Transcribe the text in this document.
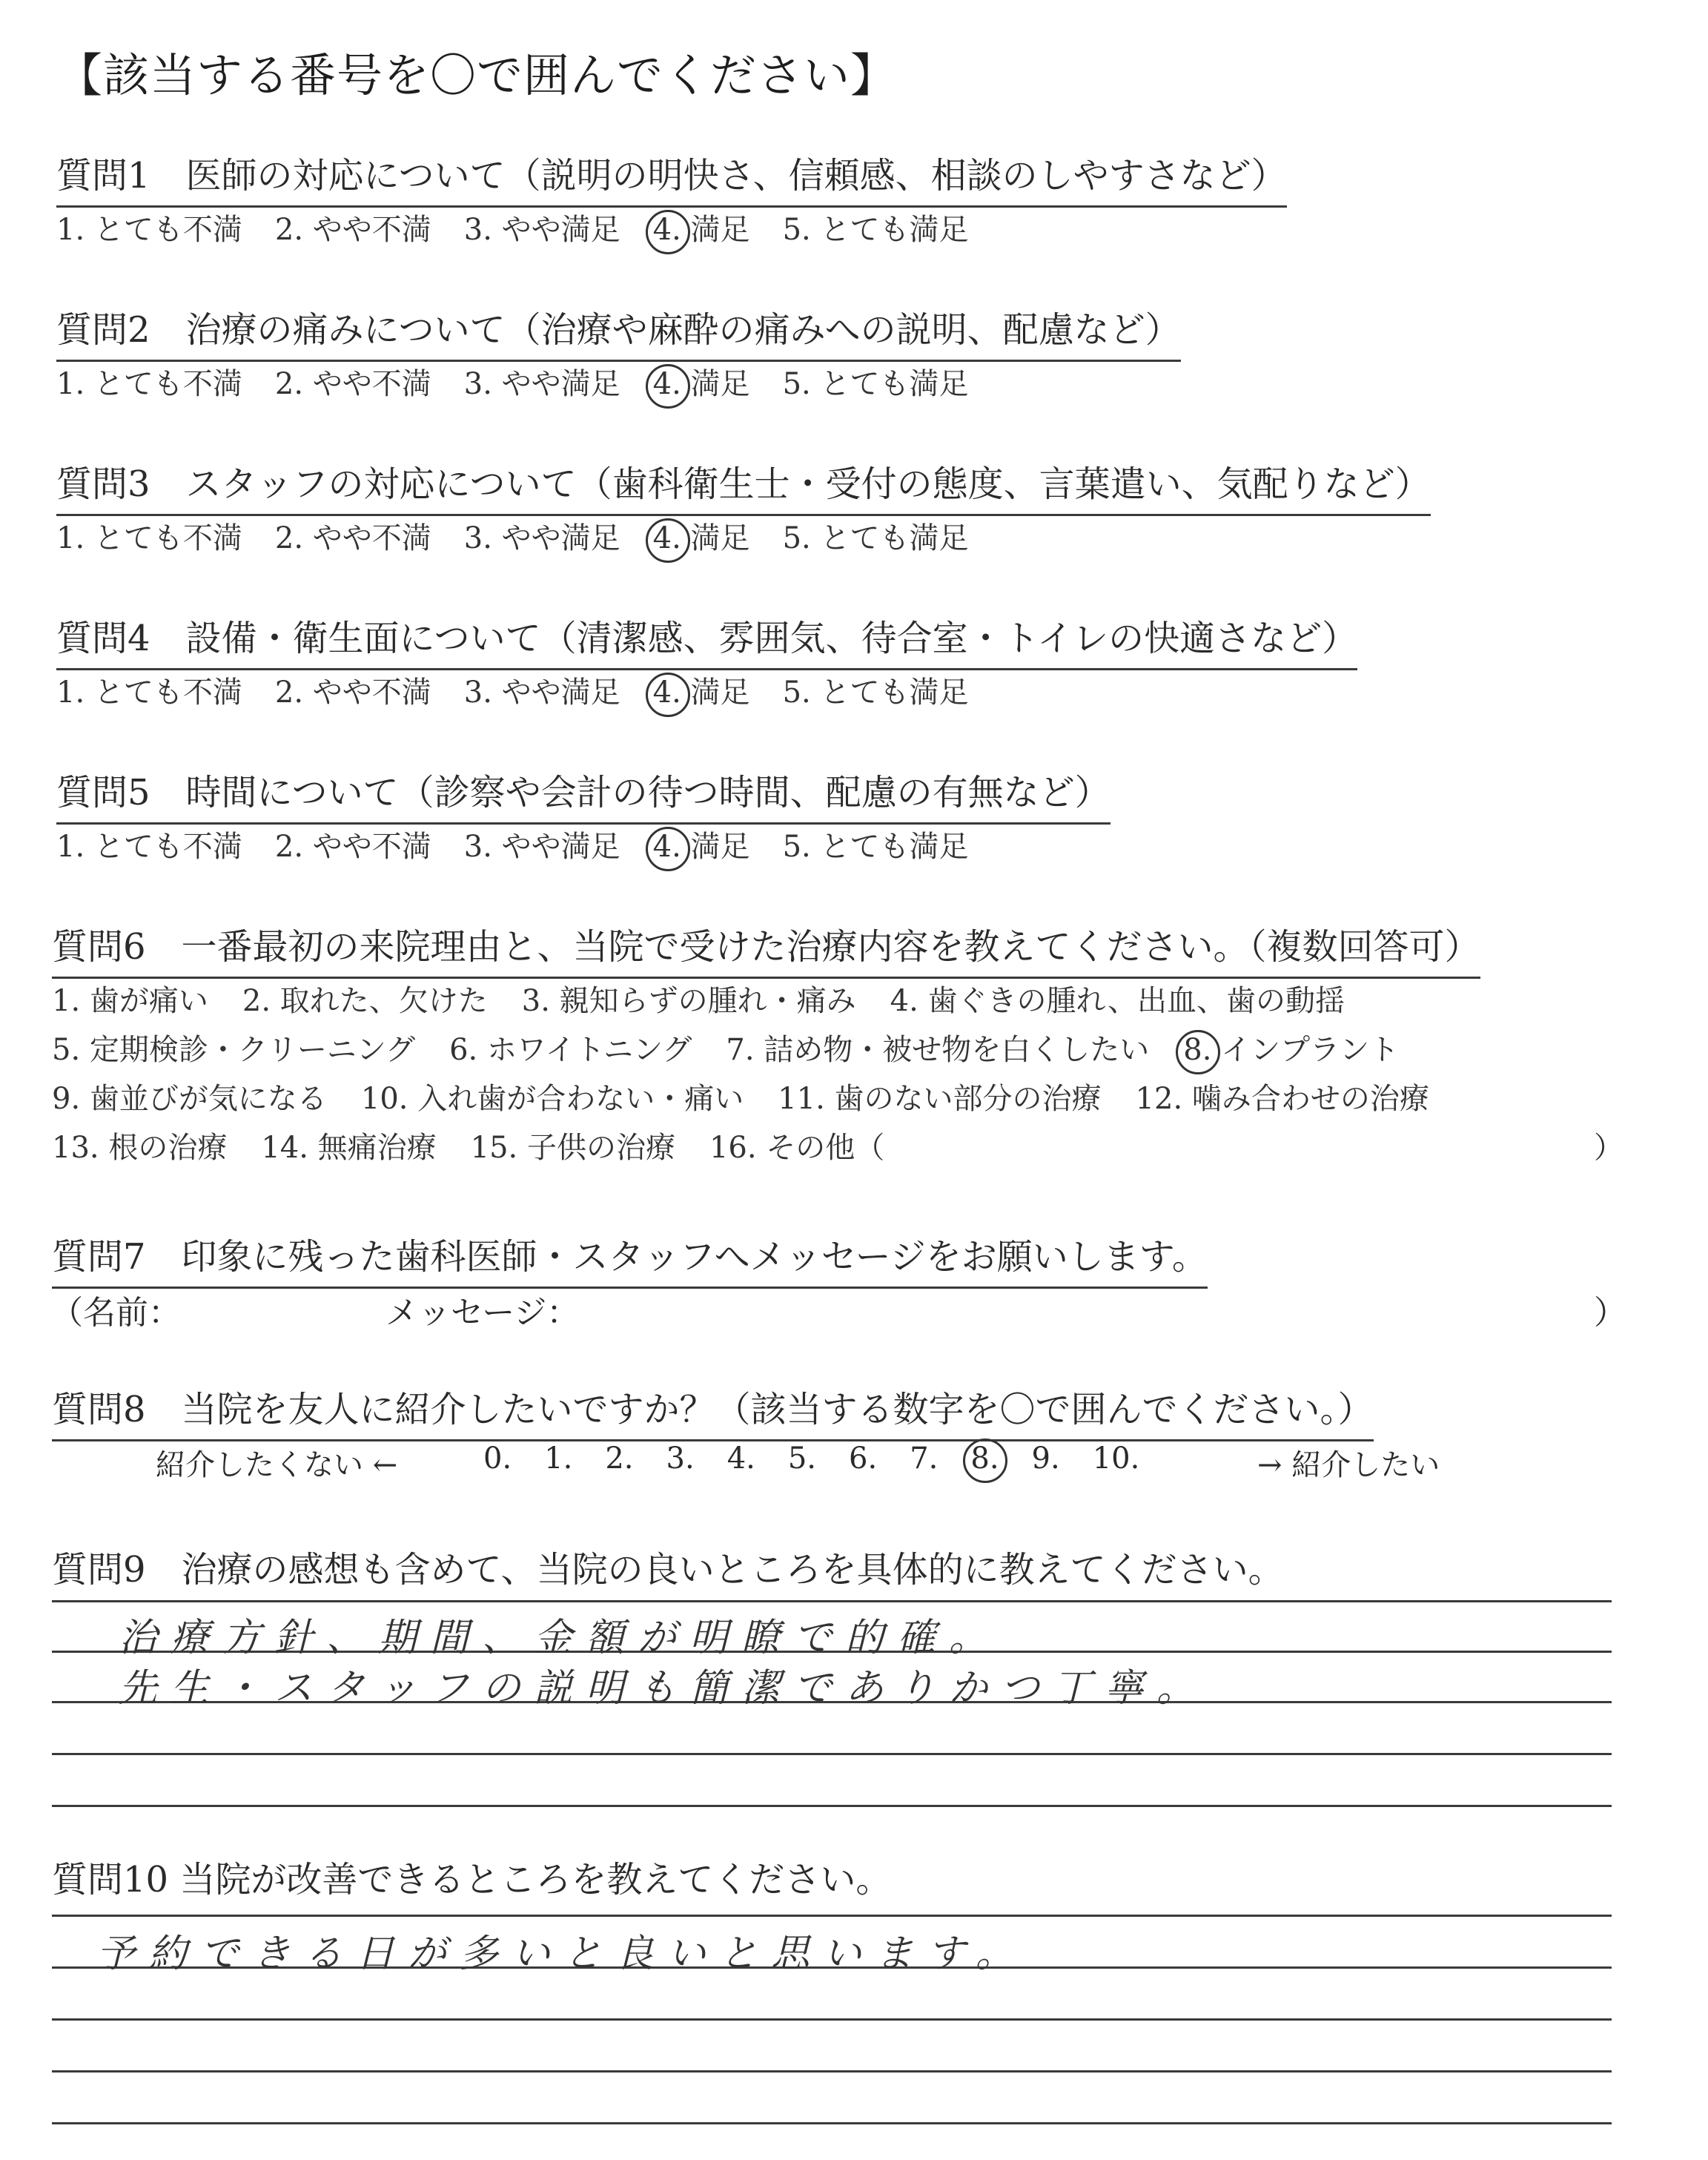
【該当する番号を〇で囲んでください】
質問1　医師の対応について（説明の明快さ、信頼感、相談のしやすさなど）
1. とても不満 2. やや不満 3. やや満足 4. 満足 5. とても満足
質問2　治療の痛みについて（治療や麻酔の痛みへの説明、配慮など）
1. とても不満 2. やや不満 3. やや満足 4. 満足 5. とても満足
質問3　スタッフの対応について（歯科衛生士・受付の態度、言葉遣い、気配りなど）
1. とても不満 2. やや不満 3. やや満足 4. 満足 5. とても満足
質問4　設備・衛生面について（清潔感、雰囲気、待合室・トイレの快適さなど）
1. とても不満 2. やや不満 3. やや満足 4. 満足 5. とても満足
質問5　時間について（診察や会計の待つ時間、配慮の有無など）
1. とても不満 2. やや不満 3. やや満足 4. 満足 5. とても満足
質問6　一番最初の来院理由と、当院で受けた治療内容を教えてください。（複数回答可）
1. 歯が痛い 2. 取れた、欠けた 3. 親知らずの腫れ・痛み 4. 歯ぐきの腫れ、出血、歯の動揺
5. 定期検診・クリーニング 6. ホワイトニング 7. 詰め物・被せ物を白くしたい 8. インプラント
9. 歯並びが気になる 10. 入れ歯が合わない・痛い 11. 歯のない部分の治療 12. 噛み合わせの治療
13. 根の治療 14. 無痛治療 15. 子供の治療 16. その他（	）
質問7　印象に残った歯科医師・スタッフへメッセージをお願いします。
（名前：	メッセージ：	）
質問8　当院を友人に紹介したいですか？（該当する数字を〇で囲んでください。）
紹介したくない ←	0. 1. 2. 3. 4. 5. 6. 7. 8. 9. 10.	→ 紹介したい
質問9　治療の感想も含めて、当院の良いところを具体的に教えてください。
治療方針、期間、金額が明瞭で的確。
先生・スタッフの説明も簡潔でありかつ丁寧。
質問10 当院が改善できるところを教えてください。
予約できる日が多いと良いと思います。
